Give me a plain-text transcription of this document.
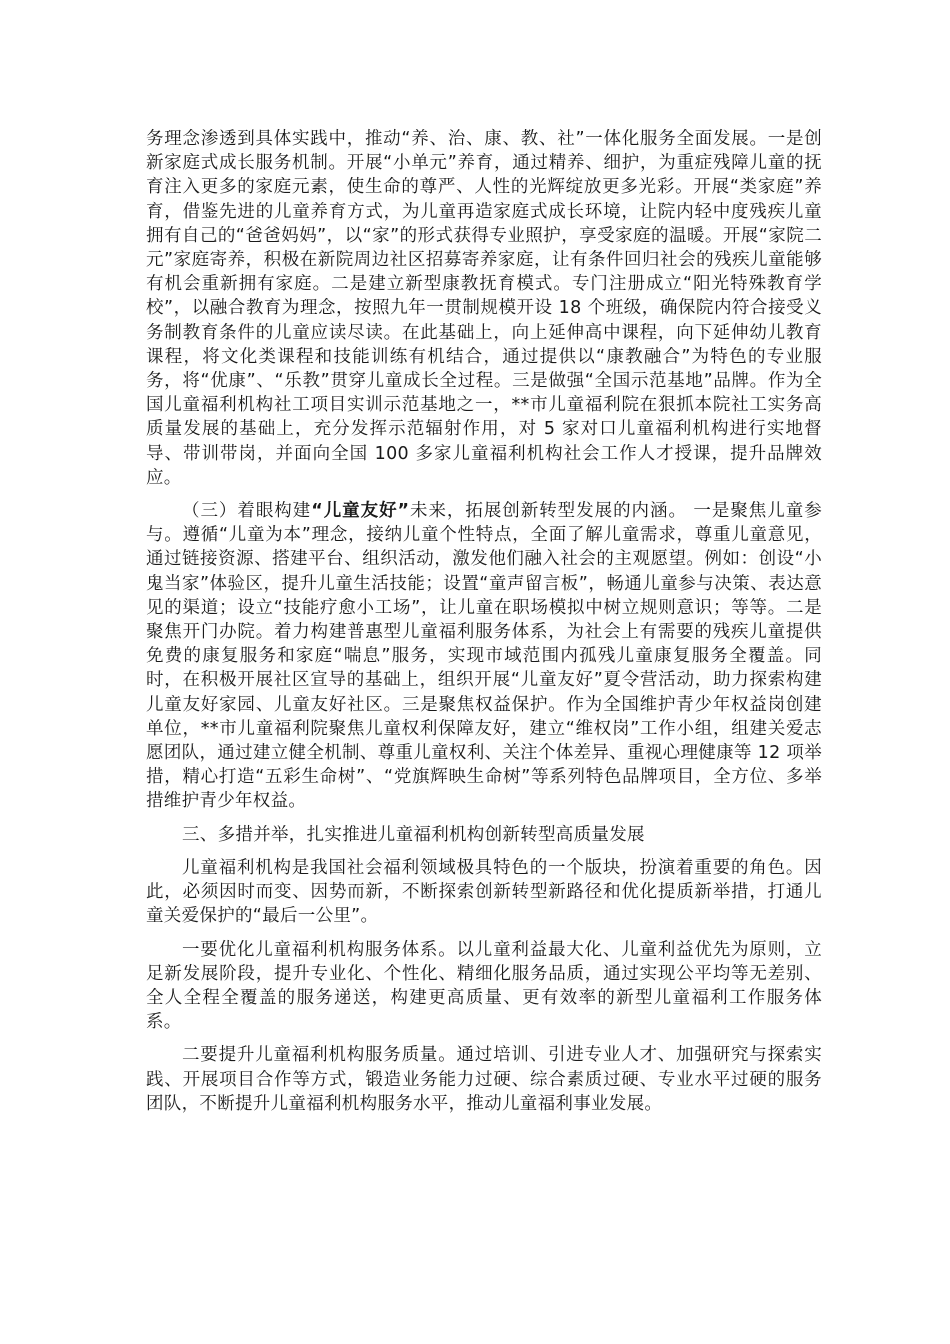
务理念渗透到具体实践中，推动“养、治、康、教、社”一体化服务全面发展。一是创新家庭式成长服务机制。开展“小单元”养育，通过精养、细护，为重症残障儿童的抚育注入更多的家庭元素，使生命的尊严、人性的光辉绽放更多光彩。开展“类家庭”养育，借鉴先进的儿童养育方式，为儿童再造家庭式成长环境，让院内轻中度残疾儿童拥有自己的“爸爸妈妈”，以“家”的形式获得专业照护，享受家庭的温暖。开展“家院二元”家庭寄养，积极在新院周边社区招募寄养家庭，让有条件回归社会的残疾儿童能够有机会重新拥有家庭。二是建立新型康教抚育模式。专门注册成立“阳光特殊教育学校”，以融合教育为理念，按照九年一贯制规模开设 18 个班级，确保院内符合接受义务制教育条件的儿童应读尽读。在此基础上，向上延伸高中课程，向下延伸幼儿教育课程，将文化类课程和技能训练有机结合，通过提供以“康教融合”为特色的专业服务，将“优康”、“乐教”贯穿儿童成长全过程。三是做强“全国示范基地”品牌。作为全国儿童福利机构社工项目实训示范基地之一，**市儿童福利院在狠抓本院社工实务高质量发展的基础上，充分发挥示范辐射作用，对 5 家对口儿童福利机构进行实地督导、带训带岗，并面向全国 100 多家儿童福利机构社会工作人才授课，提升品牌效应。

（三）着眼构建“儿童友好”未来，拓展创新转型发展的内涵。 一是聚焦儿童参与。遵循“儿童为本”理念，接纳儿童个性特点，全面了解儿童需求，尊重儿童意见，通过链接资源、搭建平台、组织活动，激发他们融入社会的主观愿望。例如：创设“小鬼当家”体验区，提升儿童生活技能；设置“童声留言板”，畅通儿童参与决策、表达意见的渠道；设立“技能疗愈小工场”，让儿童在职场模拟中树立规则意识；等等。二是聚焦开门办院。着力构建普惠型儿童福利服务体系，为社会上有需要的残疾儿童提供免费的康复服务和家庭“喘息”服务，实现市域范围内孤残儿童康复服务全覆盖。同时，在积极开展社区宣导的基础上，组织开展“儿童友好”夏令营活动，助力探索构建儿童友好家园、儿童友好社区。三是聚焦权益保护。作为全国维护青少年权益岗创建单位，**市儿童福利院聚焦儿童权利保障友好，建立“维权岗”工作小组，组建关爱志愿团队，通过建立健全机制、尊重儿童权利、关注个体差异、重视心理健康等 12 项举措，精心打造“五彩生命树”、“党旗辉映生命树”等系列特色品牌项目，全方位、多举措维护青少年权益。

三、多措并举，扎实推进儿童福利机构创新转型高质量发展

儿童福利机构是我国社会福利领域极具特色的一个版块，扮演着重要的角色。因此，必须因时而变、因势而新，不断探索创新转型新路径和优化提质新举措，打通儿童关爱保护的“最后一公里”。

一要优化儿童福利机构服务体系。以儿童利益最大化、儿童利益优先为原则，立足新发展阶段，提升专业化、个性化、精细化服务品质，通过实现公平均等无差别、全人全程全覆盖的服务递送，构建更高质量、更有效率的新型儿童福利工作服务体系。

二要提升儿童福利机构服务质量。通过培训、引进专业人才、加强研究与探索实践、开展项目合作等方式，锻造业务能力过硬、综合素质过硬、专业水平过硬的服务团队，不断提升儿童福利机构服务水平，推动儿童福利事业发展。
